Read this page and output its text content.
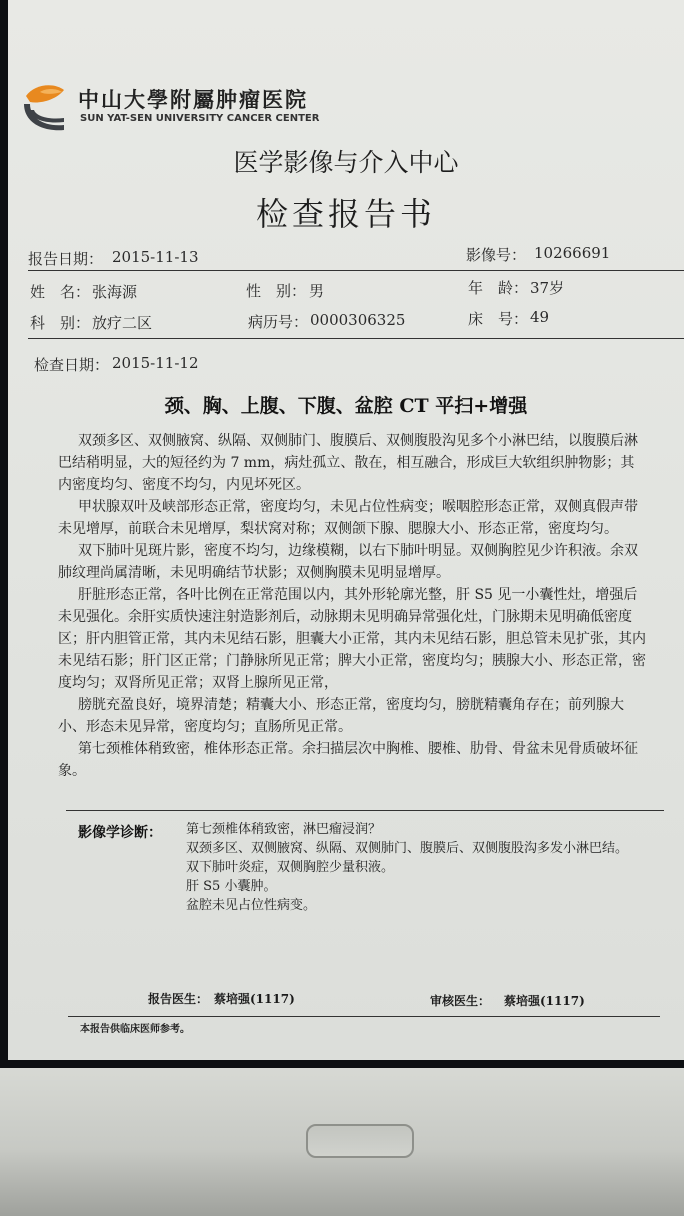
中山大學附屬肿瘤医院
SUN YAT-SEN UNIVERSITY CANCER CENTER
医学影像与介入中心
检查报告书
报告日期： 2015-11-13	影像号： 10266691
姓　名： 张海源	性　别： 男	年　龄： 37岁
科　别： 放疗二区	病历号： 0000306325	床　号： 49
检查日期： 2015-11-12
颈、胸、上腹、下腹、盆腔 CT 平扫+增强

双颈多区、双侧腋窝、纵隔、双侧肺门、腹膜后、双侧腹股沟见多个小淋巴结，以腹膜后淋巴结稍明显，大的短径约为 7 mm，病灶孤立、散在，相互融合，形成巨大软组织肿物影；其内密度均匀、密度不均匀，内见坏死区。

甲状腺双叶及峡部形态正常，密度均匀，未见占位性病变；喉咽腔形态正常，双侧真假声带未见增厚，前联合未见增厚，梨状窝对称；双侧颌下腺、腮腺大小、形态正常，密度均匀。

双下肺叶见斑片影，密度不均匀，边缘模糊，以右下肺叶明显。双侧胸腔见少许积液。余双肺纹理尚属清晰，未见明确结节状影；双侧胸膜未见明显增厚。

肝脏形态正常，各叶比例在正常范围以内，其外形轮廓光整，肝 S5 见一小囊性灶，增强后未见强化。余肝实质快速注射造影剂后，动脉期未见明确异常强化灶，门脉期未见明确低密度区；肝内胆管正常，其内未见结石影，胆囊大小正常，其内未见结石影，胆总管未见扩张，其内未见结石影；肝门区正常；门静脉所见正常；脾大小正常，密度均匀；胰腺大小、形态正常，密度均匀；双肾所见正常；双肾上腺所见正常，

膀胱充盈良好，境界清楚；精囊大小、形态正常，密度均匀，膀胱精囊角存在；前列腺大小、形态未见异常，密度均匀；直肠所见正常。

第七颈椎体稍致密，椎体形态正常。余扫描层次中胸椎、腰椎、肋骨、骨盆未见骨质破坏征象。

影像学诊断： 第七颈椎体稍致密，淋巴瘤浸润？
双颈多区、双侧腋窝、纵隔、双侧肺门、腹膜后、双侧腹股沟多发小淋巴结。
双下肺叶炎症，双侧胸腔少量积液。
肝 S5 小囊肿。
盆腔未见占位性病变。
报告医生： 蔡培强(1117)	审核医生： 蔡培强(1117)
本报告供临床医师参考。
